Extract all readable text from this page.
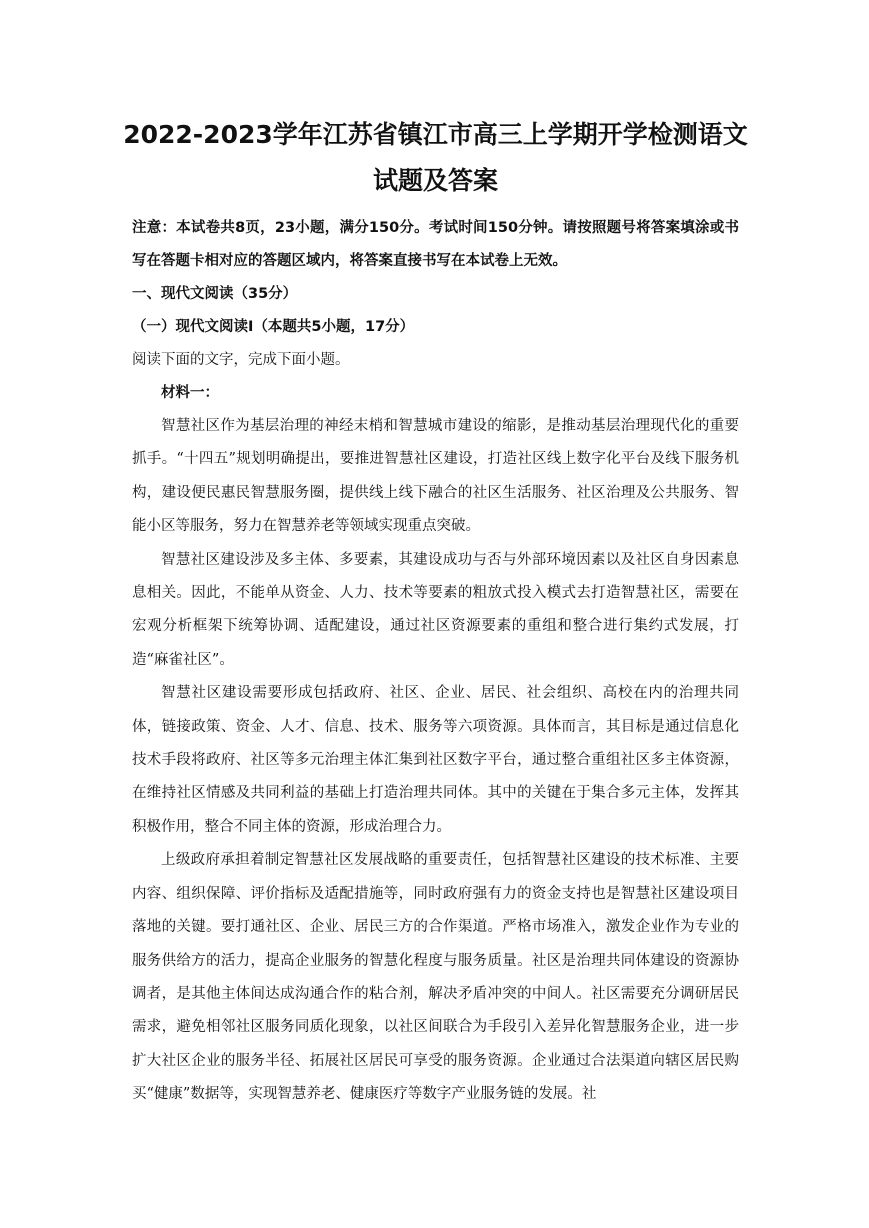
2022-2023学年江苏省镇江市高三上学期开学检测语文试题及答案

注意：本试卷共8页，23小题，满分150分。考试时间150分钟。请按照题号将答案填涂或书写在答题卡相对应的答题区域内，将答案直接书写在本试卷上无效。

一、现代文阅读（35分）

（一）现代文阅读Ⅰ（本题共5小题，17分）

阅读下面的文字，完成下面小题。

材料一：

智慧社区作为基层治理的神经末梢和智慧城市建设的缩影，是推动基层治理现代化的重要抓手。“十四五”规划明确提出，要推进智慧社区建设，打造社区线上数字化平台及线下服务机构，建设便民惠民智慧服务圈，提供线上线下融合的社区生活服务、社区治理及公共服务、智能小区等服务，努力在智慧养老等领域实现重点突破。

智慧社区建设涉及多主体、多要素，其建设成功与否与外部环境因素以及社区自身因素息息相关。因此，不能单从资金、人力、技术等要素的粗放式投入模式去打造智慧社区，需要在宏观分析框架下统筹协调、适配建设，通过社区资源要素的重组和整合进行集约式发展，打造“麻雀社区”。

智慧社区建设需要形成包括政府、社区、企业、居民、社会组织、高校在内的治理共同体，链接政策、资金、人才、信息、技术、服务等六项资源。具体而言，其目标是通过信息化技术手段将政府、社区等多元治理主体汇集到社区数字平台，通过整合重组社区多主体资源，在维持社区情感及共同利益的基础上打造治理共同体。其中的关键在于集合多元主体，发挥其积极作用，整合不同主体的资源，形成治理合力。

上级政府承担着制定智慧社区发展战略的重要责任，包括智慧社区建设的技术标准、主要内容、组织保障、评价指标及适配措施等，同时政府强有力的资金支持也是智慧社区建设项目落地的关键。要打通社区、企业、居民三方的合作渠道。严格市场准入，激发企业作为专业的服务供给方的活力，提高企业服务的智慧化程度与服务质量。社区是治理共同体建设的资源协调者，是其他主体间达成沟通合作的粘合剂，解决矛盾冲突的中间人。社区需要充分调研居民需求，避免相邻社区服务同质化现象，以社区间联合为手段引入差异化智慧服务企业，进一步扩大社区企业的服务半径、拓展社区居民可享受的服务资源。企业通过合法渠道向辖区居民购买“健康”数据等，实现智慧养老、健康医疗等数字产业服务链的发展。社
